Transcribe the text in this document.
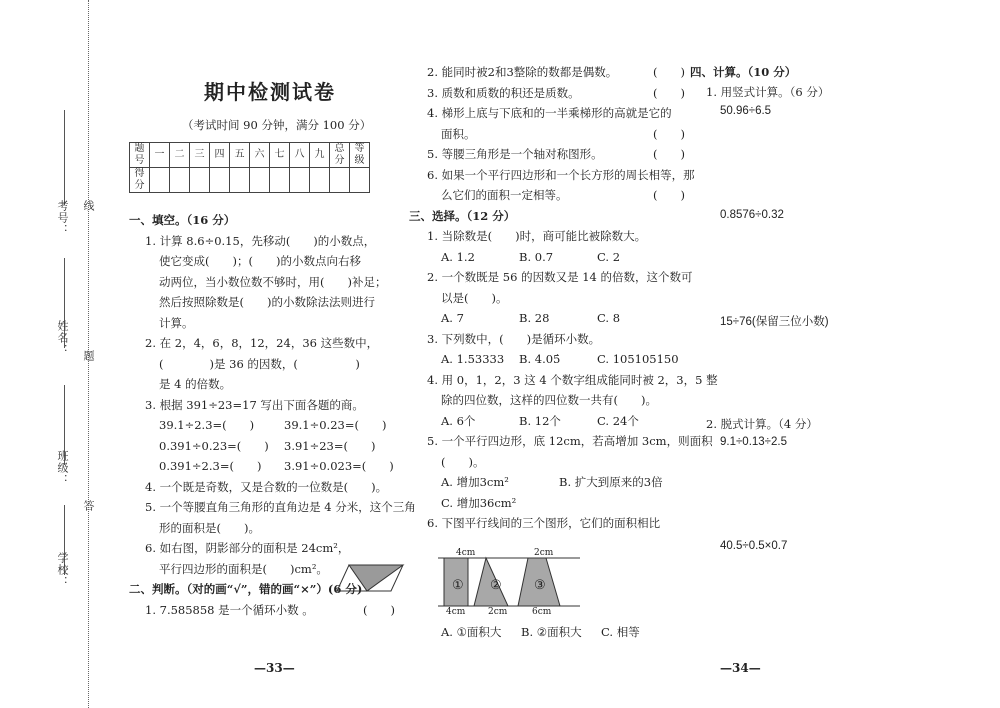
考号： 线
姓名： 题
班级：
答
学校：
期中检测试卷
（考试时间 90 分钟，满分 100 分）
题号	一	二	三	四	五	六	七	八	九	总分	等级
得分											

一、填空。（16 分）

1. 计算 8.6÷0.15，先移动(　　)的小数点，

使它变成(　　)；(　　)的小数点向右移

动两位，当小数位数不够时，用(　　)补足；

然后按照除数是(　　)的小数除法法则进行

计算。

2. 在 2，4，6，8，12，24，36 这些数中，

(　　　　)是 36 的因数，(　　　　　)

是 4 的倍数。

3. 根据 391÷23=17 写出下面各题的商。

39.1÷2.3=(　　)	39.1÷0.23=(　　)

0.391÷0.23=(　　) 3.91÷23=(　　)

0.391÷2.3=(　　) 3.91÷0.023=(　　)

4. 一个既是奇数，又是合数的一位数是(　　)。

5. 一个等腰直角三角形的直角边是 4 分米，这个三角

形的面积是(　　)。

6. 如右图，阴影部分的面积是 24cm²，

平行四边形的面积是(　　)cm²。

二、判断。（对的画“√”，错的画“×”）(6 分)

1. 7.585858 是一个循环小数 。	(　　)

2. 能同时被2和3整除的数都是偶数。	(　　)

3. 质数和质数的积还是质数。	(　　)

4. 梯形上底与下底和的一半乘梯形的高就是它的

面积。	(　　)

5. 等腰三角形是一个轴对称图形。	(　　)

6. 如果一个平行四边形和一个长方形的周长相等，那

么它们的面积一定相等。	(　　)

三、选择。（12 分）

1. 当除数是(　　)时，商可能比被除数大。

A. 1.2	B. 0.7	C. 2

2. 一个数既是 56 的因数又是 14 的倍数，这个数可

以是(　　)。

A. 7	B. 28	C. 8

3. 下列数中，(　　)是循环小数。

A. 1.53333 B. 4.05̇	C. 105105150

4. 用 0，1，2，3 这 4 个数字组成能同时被 2，3，5 整

除的四位数，这样的四位数一共有(　　)。

A. 6个	B. 12个	C. 24个

5. 一个平行四边形，底 12cm，若高增加 3cm，则面积

(　　)。

A. 增加3cm²	B. 扩大到原来的3倍

C. 增加36cm²

6. 下图平行线间的三个图形，它们的面积相比

4cm	2cm
4cm	2cm	6cm
① ② ③
A. ①面积大 B. ②面积大 C. 相等
四、计算。（10 分）
1. 用竖式计算。（6 分）
50.96÷6.5
0.8576÷0.32
15÷76(保留三位小数)
2. 脱式计算。（4 分）
9.1÷0.13÷2.5
40.5÷0.5×0.7
—33—	—34—
